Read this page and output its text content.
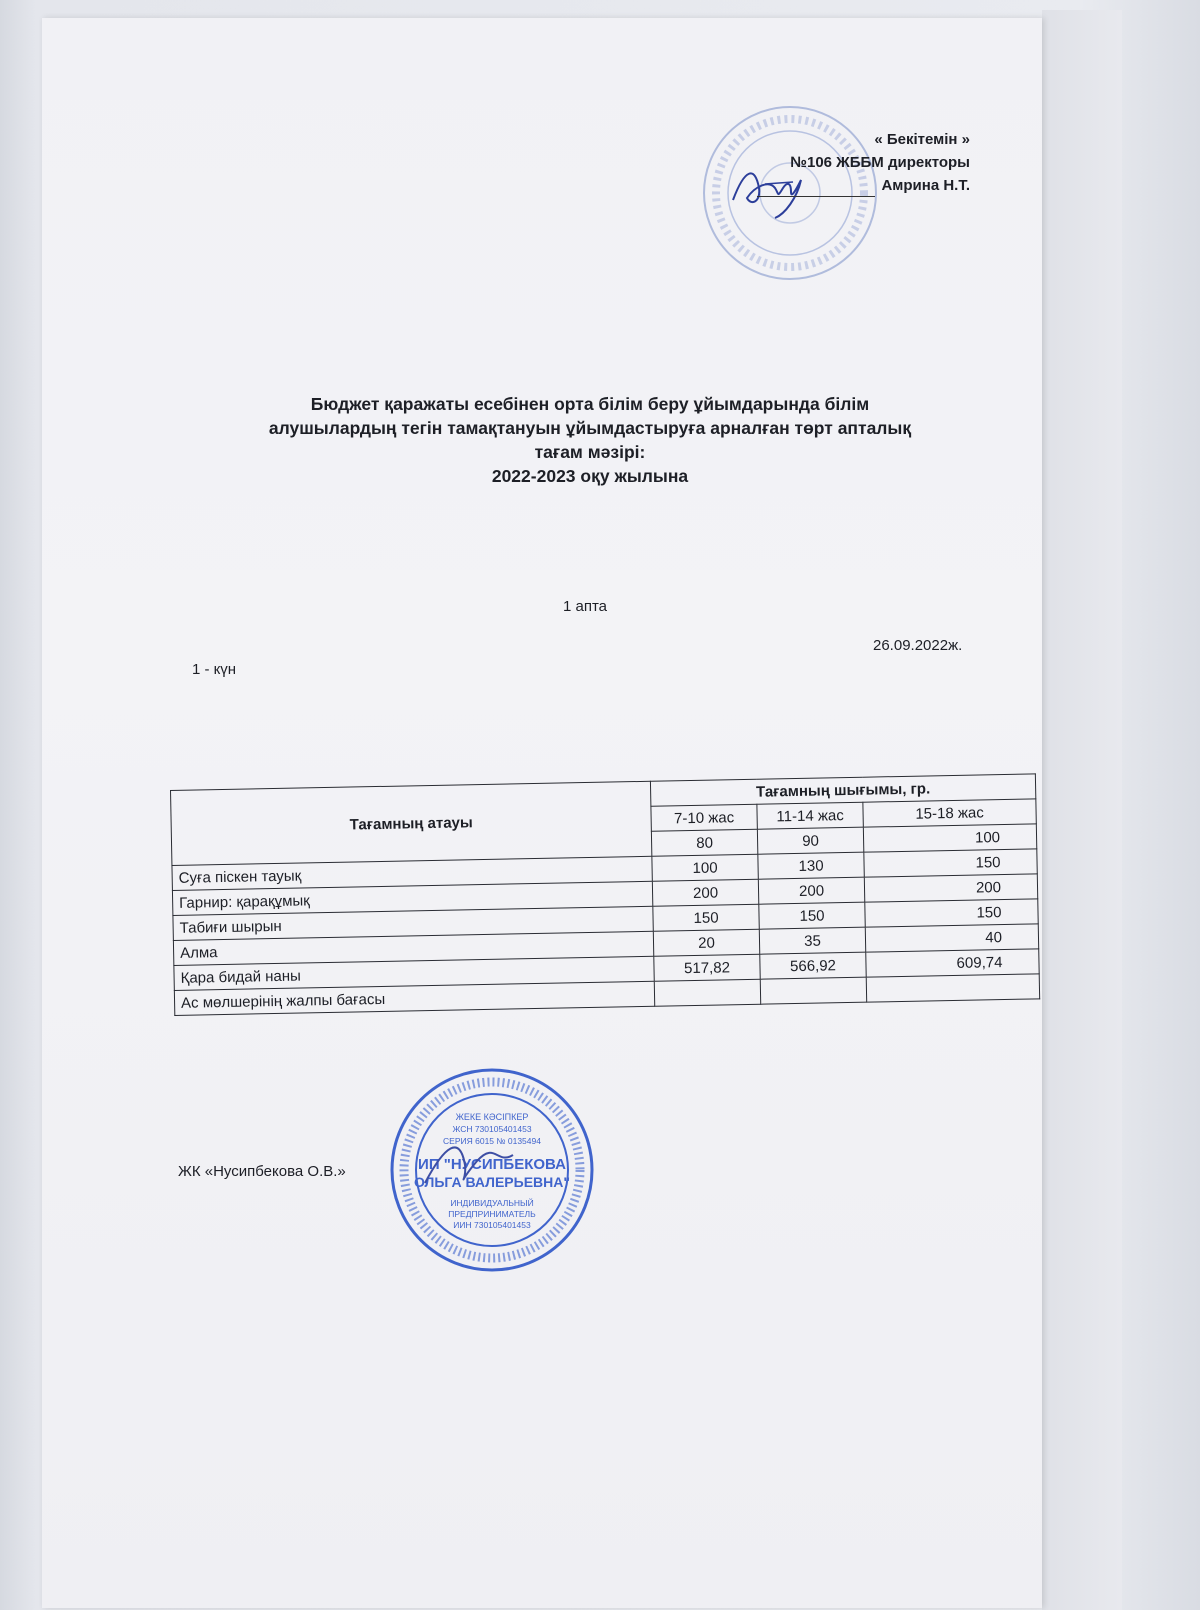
« Бекітемін »
№106 ЖББМ директоры
Амрина Н.Т.
Бюджет қаражаты есебінен орта білім беру ұйымдарында білім
алушылардың тегін тамақтануын ұйымдастыруға арналған төрт апталық
тағам мәзірі:
2022-2023 оқу жылына
1 апта
26.09.2022ж.
1 - күн
Тағамның атауы	Тағамның шығымы, гр.		
	7-10 жас	11-14 жас	15-18 жас
	80	90	100
Суға піскен тауық	100	130	150
Гарнир: қарақұмық	200	200	200
Табиғи шырын	150	150	150
Алма	20	35	40
Қара бидай наны	517,82	566,92	609,74
Ас мөлшерінің жалпы бағасы			
ЖК «Нусипбекова О.В.»
ЖЕКЕ КӘСІПКЕР
ЖСН 730105401453
СЕРИЯ 6015 № 0135494
ИП "НУСИПБЕКОВА
ОЛЬГА ВАЛЕРЬЕВНА"
ИНДИВИДУАЛЬНЫЙ
ПРЕДПРИНИМАТЕЛЬ
ИИН 730105401453
